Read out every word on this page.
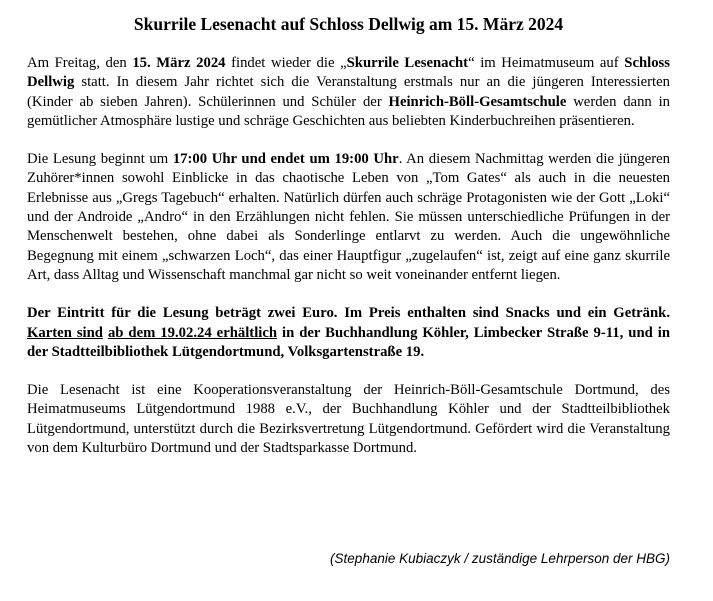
Skurrile Lesenacht auf Schloss Dellwig am 15. März 2024

Am Freitag, den 15. März 2024 findet wieder die „Skurrile Lesenacht“ im Heimatmuseum auf Schloss Dellwig statt. In diesem Jahr richtet sich die Veranstaltung erstmals nur an die jüngeren Interessierten (Kinder ab sieben Jahren). Schülerinnen und Schüler der Heinrich-Böll-Gesamtschule werden dann in gemütlicher Atmosphäre lustige und schräge Geschichten aus beliebten Kinderbuchreihen präsentieren.

Die Lesung beginnt um 17:00 Uhr und endet um 19:00 Uhr. An diesem Nachmittag werden die jüngeren Zuhörer*innen sowohl Einblicke in das chaotische Leben von „Tom Gates“ als auch in die neuesten Erlebnisse aus „Gregs Tagebuch“ erhalten. Natürlich dürfen auch schräge Protagonisten wie der Gott „Loki“ und der Androide „Andro“ in den Erzählungen nicht fehlen. Sie müssen unterschiedliche Prüfungen in der Menschenwelt bestehen, ohne dabei als Sonderlinge entlarvt zu werden. Auch die ungewöhnliche Begegnung mit einem „schwarzen Loch“, das einer Hauptfigur „zugelaufen“ ist, zeigt auf eine ganz skurrile Art, dass Alltag und Wissenschaft manchmal gar nicht so weit voneinander entfernt liegen.

Der Eintritt für die Lesung beträgt zwei Euro. Im Preis enthalten sind Snacks und ein Getränk. Karten sind ab dem 19.02.24 erhältlich in der Buchhandlung Köhler, Limbecker Straße 9-11, und in der Stadtteilbibliothek Lütgendortmund, Volksgartenstraße 19.

Die Lesenacht ist eine Kooperationsveranstaltung der Heinrich-Böll-Gesamtschule Dortmund, des Heimatmuseums Lütgendortmund 1988 e.V., der Buchhandlung Köhler und der Stadtteilbibliothek Lütgendortmund, unterstützt durch die Bezirksvertretung Lütgendortmund. Gefördert wird die Veranstaltung von dem Kulturbüro Dortmund und der Stadtsparkasse Dortmund.

(Stephanie Kubiaczyk / zuständige Lehrperson der HBG)
